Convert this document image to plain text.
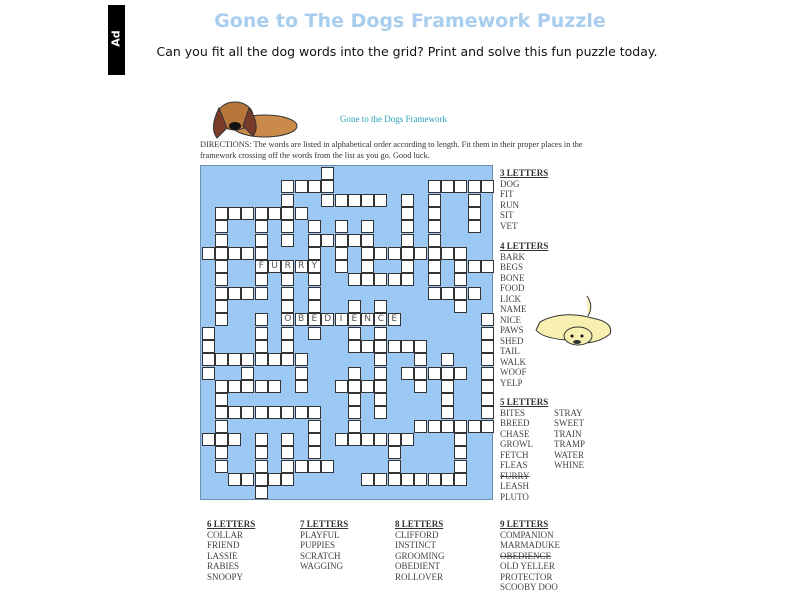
Ad
Gone to The Dogs Framework Puzzle
Can you fit all the dog words into the grid? Print and solve this fun puzzle today.
Gone to the Dogs Framework
DIRECTIONS: The words are listed in alphabetical order according to length. Fit them in their proper places in the framework crossing off the words from the list as you go. Good luck.
F U R R Y
O B E D I	E N C E
3 LETTERS
DOG
FIT
RUN
SIT
VET
4 LETTERS
BARK
BEGS
BONE
FOOD
LICK
NAME
NICE
PAWS
SHED
TAIL
WALK
WOOF
YELP
5 LETTERS
BITES
BREED
CHASE
GROWL
FETCH
FLEAS
FURRY
LEASH
PLUTO
STRAY
SWEET
TRAIN
TRAMP
WATER
WHINE
6 LETTERS
COLLAR
FRIEND
LASSIE
RABIES
SNOOPY
7 LETTERS
PLAYFUL
PUPPIES
SCRATCH
WAGGING
8 LETTERS
CLIFFORD
INSTINCT
GROOMING
OBEDIENT
ROLLOVER
9 LETTERS
COMPANION
MARMADUKE
OBEDIENCE
OLD YELLER
PROTECTOR
SCOOBY DOO
